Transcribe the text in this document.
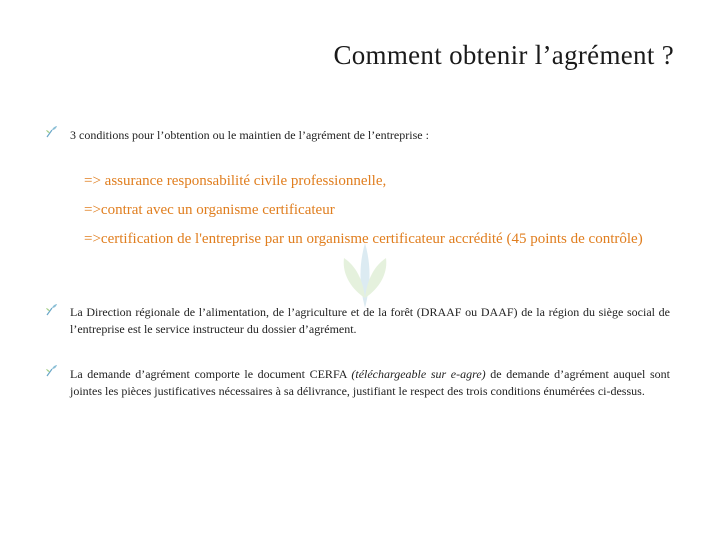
Comment obtenir l’agrément ?
3 conditions pour l’obtention ou le maintien de l’agrément de l’entreprise :
=> assurance responsabilité civile professionnelle,
=>contrat avec un organisme certificateur
=>certification de l'entreprise par un organisme certificateur accrédité (45 points de contrôle)
La Direction régionale de l’alimentation, de l’agriculture et de la forêt (DRAAF ou DAAF) de la région du siège social de l’entreprise est le service instructeur du dossier d’agrément.
La demande d’agrément comporte le document CERFA (téléchargeable sur e-agre) de demande d’agrément auquel sont jointes les pièces justificatives nécessaires à sa délivrance, justifiant le respect des trois conditions énumérées ci-dessus.
